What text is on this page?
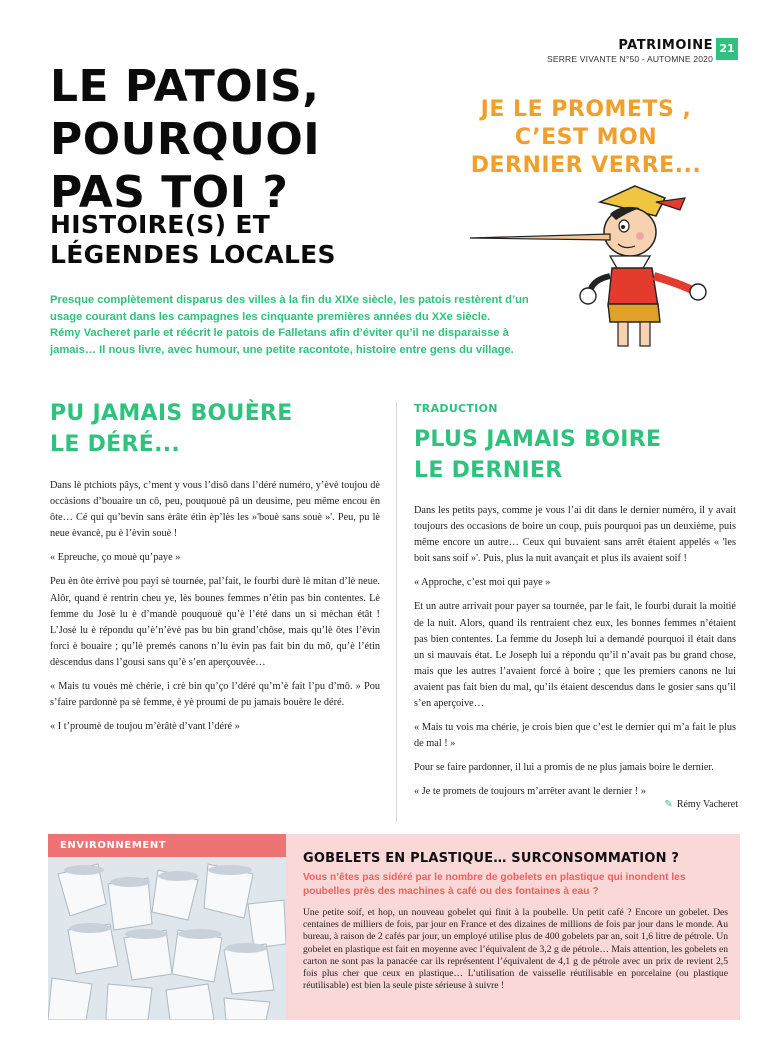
PATRIMOINE
SERRE VIVANTE N°50 - AUTOMNE 2020
21
LE PATOIS,
POURQUOI
PAS TOI ?
HISTOIRE(S) ET
LÉGENDES LOCALES
JE LE PROMETS ,
C’EST MON
DERNIER VERRE...
Presque complètement disparus des villes à la fin du XIXe siècle, les patois restèrent d’un
usage courant dans les campagnes les cinquante premières années du XXe siècle.
Rémy Vacheret parle et réécrit le patois de Falletans afin d’éviter qu’il ne disparaisse à
jamais… Il nous livre, avec humour, une petite racontote, histoire entre gens du village.
PU JAMAIS BOUÈRE
LE DÉRÉ...

Dans lè ptchiots pâys, c’ment y vous l’disô dans l’déré numéro, y’èvè toujou dè occàsions d’bouaire un cô, peu, pouquouè pâ un deusime, peu même encou èn ôte… Cé qui qu’bevin sans èrâte étin èp’lès les »'bouè sans souè »'. Peu, pu lè neue èvancè, pu è l’èvin souè !

« Epreuche, ço mouè qu’paye »

Peu èn ôte èrrivè pou payi sè tournée, pal’fait, le fourbi durè lè mitan d’lè neue. Alôr, quand è rentrin cheu ye, lès bounes femmes n’étin pas bin contentes. Lè femme du Josè lu è d’mandè pouquouè qu’è l’été dans un si mèchan étât ! L’Josè lu è répondu qu’è’n’èvè pas bu bin grand’chôse, mais qu’lè ôtes l’èvin forci è bouaire ; qu’lè premés canons n’lu èvin pas fait bin du mô, qu’è l’étin dèscendus dans l’gousi sans qu’è s’en aperçouvèe…

« Mais tu vouès mè chérie, i crè bin qu’ço l’déré qu’m’è fait l’pu d’mô. » Pou s’faire pardonnè pa sè femme, è yè proumi de pu jamais bouère le déré.

« I t’proumè de toujou m’èrâtè d’vant l’déré »

TRADUCTION
PLUS JAMAIS BOIRE
LE DERNIER

Dans les petits pays, comme je vous l’ai dit dans le dernier numéro, il y avait toujours des occasions de boire un coup, puis pourquoi pas un deuxième, puis même encore un autre… Ceux qui buvaient sans arrêt étaient appelés « 'les boit sans soif »'. Puis, plus la nuit avançait et plus ils avaient soif !

« Approche, c’est moi qui paye »

Et un autre arrivait pour payer sa tournée, par le fait, le fourbi durait la moitié de la nuit. Alors, quand ils rentraient chez eux, les bonnes femmes n’étaient pas bien contentes. La femme du Joseph lui a demandé pourquoi il était dans un si mauvais état. Le Joseph lui a répondu qu’il n’avait pas bu grand chose, mais que les autres l’avaient forcé à boire ; que les premiers canons ne lui avaient pas fait bien du mal, qu’ils étaient descendus dans le gosier sans qu’il s’en aperçoive…

« Mais tu vois ma chérie, je crois bien que c’est le dernier qui m’a fait le plus de mal ! »

Pour se faire pardonner, il lui a promis de ne plus jamais boire le dernier.

« Je te promets de toujours m’arrêter avant le dernier ! »

✎ Rémy Vacheret
ENVIRONNEMENT
GOBELETS EN PLASTIQUE… SURCONSOMMATION ?
Vous n’êtes pas sidéré par le nombre de gobelets en plastique qui inondent les poubelles près des machines à café ou des fontaines à eau ?
Une petite soif, et hop, un nouveau gobelet qui finit à la poubelle. Un petit café ? Encore un gobelet. Des centaines de milliers de fois, par jour en France et des dizaines de millions de fois par jour dans le monde. Au bureau, à raison de 2 cafés par jour, un employé utilise plus de 400 gobelets par an, soit 1,6 litre de pétrole. Un gobelet en plastique est fait en moyenne avec l’équivalent de 3,2 g de pétrole… Mais attention, les gobelets en carton ne sont pas la panacée car ils représentent l’équivalent de 4,1 g de pétrole avec un prix de revient 2,5 fois plus cher que ceux en plastique… L’utilisation de vaisselle réutilisable en porcelaine (ou plastique réutilisable) est bien la seule piste sérieuse à suivre !
